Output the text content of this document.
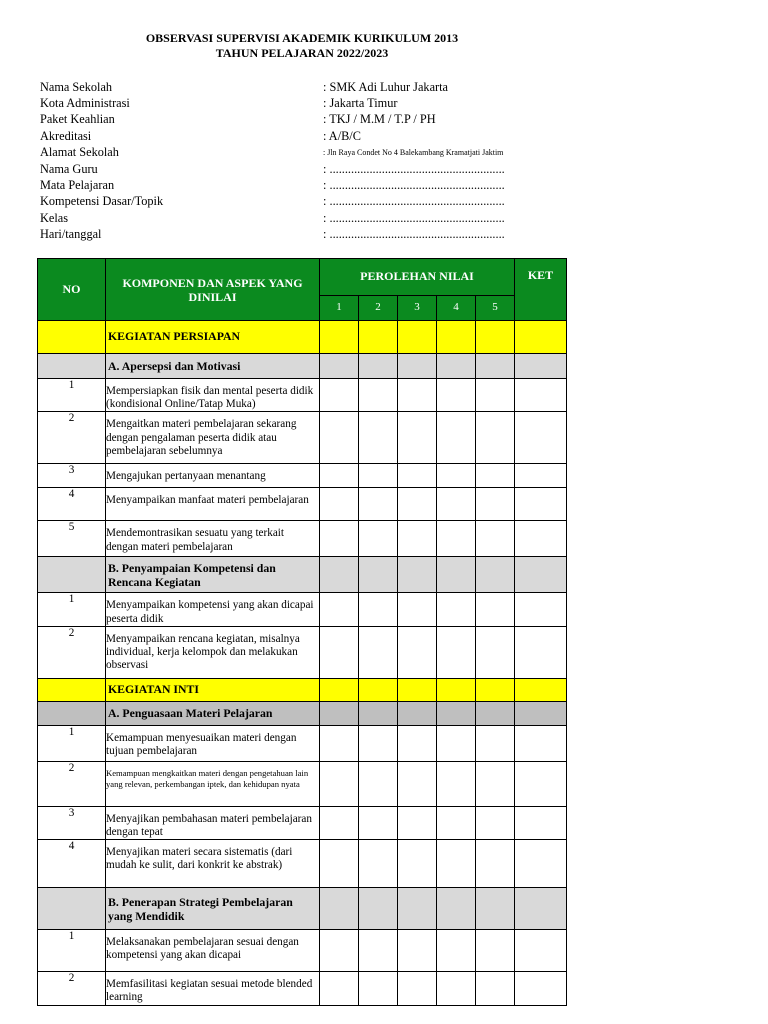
OBSERVASI SUPERVISI AKADEMIK KURIKULUM 2013
TAHUN PELAJARAN 2022/2023
Nama Sekolah	: SMK Adi Luhur Jakarta
Kota Administrasi	: Jakarta Timur
Paket Keahlian	: TKJ / M.M / T.P / PH
Akreditasi	: A/B/C
Alamat Sekolah	: Jln Raya Condet No 4 Balekambang Kramatjati Jaktim
Nama Guru	: .........................................................
Mata Pelajaran	: .........................................................
Kompetensi Dasar/Topik	: .........................................................
Kelas	: .........................................................
Hari/tanggal	: .........................................................
NO	KOMPONEN DAN ASPEK YANG DINILAI	PEROLEHAN NILAI					KET
		1	2	3	4	5	
	KEGIATAN PERSIAPAN						
	A. Apersepsi dan Motivasi						
1	Mempersiapkan fisik dan mental peserta didik (kondisional Online/Tatap Muka)						
2	Mengaitkan materi pembelajaran sekarang dengan pengalaman peserta didik atau pembelajaran sebelumnya						
3	Mengajukan pertanyaan menantang						
4	Menyampaikan manfaat materi pembelajaran						
5	Mendemontrasikan sesuatu yang terkait dengan materi pembelajaran						
	B. Penyampaian Kompetensi dan Rencana Kegiatan						
1	Menyampaikan kompetensi yang akan dicapai peserta didik						
2	Menyampaikan rencana kegiatan, misalnya individual, kerja kelompok dan melakukan observasi						
	KEGIATAN INTI						
	A. Penguasaan Materi Pelajaran						
1	Kemampuan menyesuaikan materi dengan tujuan pembelajaran						
2	Kemampuan mengkaitkan materi dengan pengetahuan lain yang relevan, perkembangan iptek, dan kehidupan nyata						
3	Menyajikan pembahasan materi pembelajaran dengan tepat						
4	Menyajikan materi secara sistematis (dari mudah ke sulit, dari konkrit ke abstrak)						
	B. Penerapan Strategi Pembelajaran yang Mendidik						
1	Melaksanakan pembelajaran sesuai dengan kompetensi yang akan dicapai						
2	Memfasilitasi kegiatan sesuai metode blended learning						
